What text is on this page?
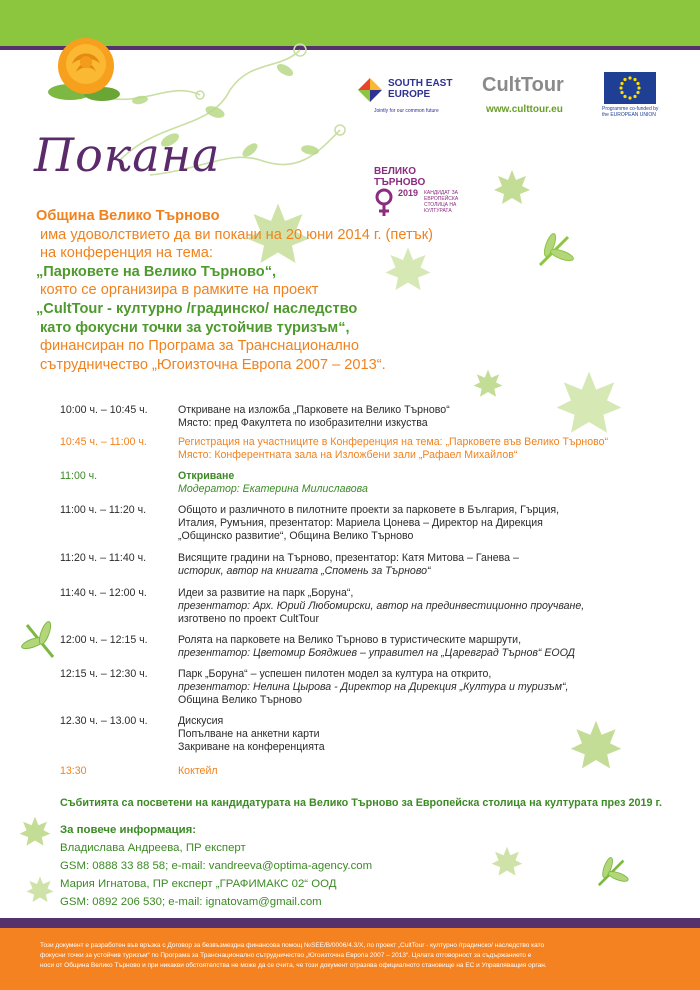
SOUTH EAST EUROPE
Jointly for our common future
CultTour
www.culttour.eu	Programme co-funded by the EUROPEAN UNION
Покана	ВЕЛИКО ТЪРНОВО
2019 КАНДИДАТ ЗА ЕВРОПЕЙСКА СТОЛИЦА НА КУЛТУРАТА
Община Велико Търново
има удоволствието да ви покани на 20 юни 2014 г. (петък)
на конференция на тема:
„Парковете на Велико Търново“,
която се организира в рамките на проект
„CultTour - културно /градинско/ наследство
като фокусни точки за устойчив туризъм“,
финансиран по Програма за Транснационално
сътрудничество „Югоизточна Европа 2007 – 2013“.
10:00 ч. – 10:45 ч.	Откриване на изложба „Парковете на Велико Търново“
Място: пред Факултета по изобразителни изкуства
10:45 ч. – 11:00 ч.	Регистрация на участниците в Конференция на тема: „Парковете във Велико Търново“
Място: Конферентната зала на Изложбени зали „Рафаел Михайлов“
11:00 ч.	Откриване
Модератор: Екатерина Милиславова
11:00 ч. – 11:20 ч.	Общото и различното в пилотните проекти за парковете в България, Гърция,
Италия, Румъния, презентатор: Мариела Цонева – Директор на Дирекция
„Общинско развитие“, Община Велико Търново
11:20 ч. – 11:40 ч.	Висящите градини на Търново, презентатор: Катя Митова – Ганева –
историк, автор на книгата „Спомень за Търново“
11:40 ч. – 12:00 ч.	Идеи за развитие на парк „Боруна“,
презентатор: Арх. Юрий Любомирски, автор на прединвестиционно проучване,
изготвено по проект CultTour
12:00 ч. – 12:15 ч.	Ролята на парковете на Велико Търново в туристическите маршрути,
презентатор: Цветомир Бояджиев – управител на „Царевград Търнов“ ЕООД
12:15 ч. – 12:30 ч.	Парк „Боруна“ – успешен пилотен модел за култура на открито,
презентатор: Нелина Цырова - Директор на Дирекция „Култура и туризъм“,
Община Велико Търново
12.30 ч. – 13.00 ч.	Дискусия
Попълване на анкетни карти
Закриване на конференцията
13:30	Коктейл
Събитията са посветени на кандидатурата на Велико Търново за Европейска столица на културата през 2019 г.
За повече информация:
Владислава Андреева, ПР експерт
GSM: 0888 33 88 58; e-mail: vandreeva@optima-agency.com
Мария Игнатова, ПР експерт „ГРАФИМАКС 02“ ООД
GSM: 0892 206 530; e-mail: ignatovam@gmail.com
Този документ е разработен във връзка с Договор за безвъзмездна финансова помощ №SEE/B/0006/4.3/X, по проект „CultTour - културно /градинско/ наследство като
фокусни точки за устойчив туризъм“ по Програма за Транснационално сътрудничество „Югоизточна Европа 2007 – 2013“. Цялата отговорност за съдържанието е
носи от Община Велико Търново и при никакви обстоятелства не може да се счита, че този документ отразява официалното становище на ЕС и Управляващия орган.
